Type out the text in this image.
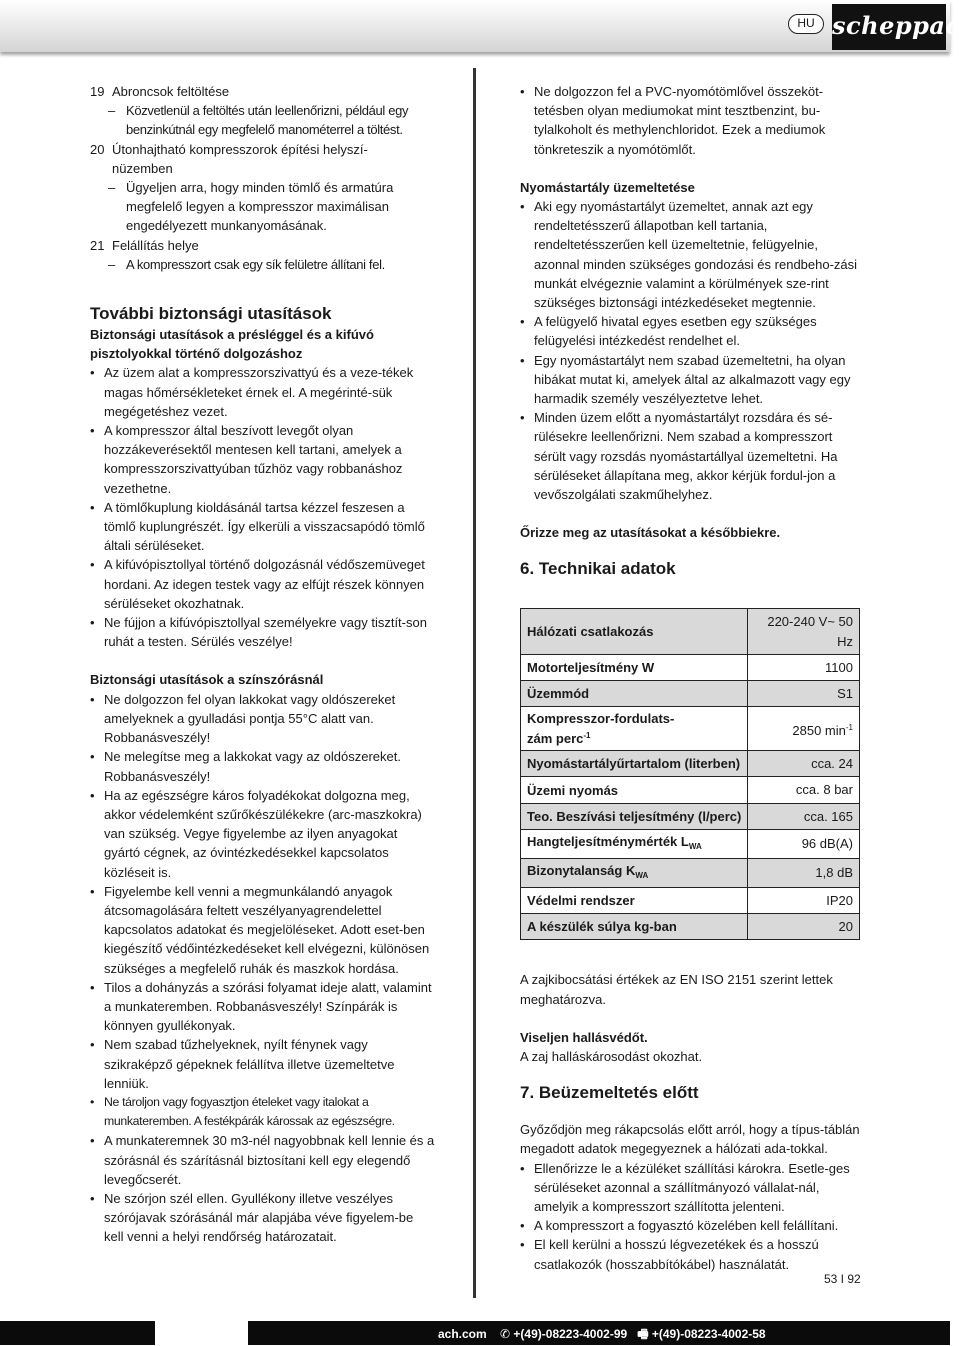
HU scheppach
19 Abroncsok feltöltése
– Közvetlenül a feltöltés után leellenőrizni, például egy benzinkútnál egy megfelelő manométerrel a töltést.
20 Útonhajtható kompresszorok építési helyszí-
nüzemben
– Ügyeljen arra, hogy minden tömlő és armatúra megfelelő legyen a kompresszor maximálisan engedélyezett munkanyomásának.
21 Felállítás helye
– A kompresszort csak egy sík felületre állítani fel.
További biztonsági utasítások
Biztonsági utasítások a présléggel és a kifúvó pisztolyokkal történő dolgozáshoz
• Az üzem alat a kompresszorszivattyú és a veze-tékek magas hőmérsékleteket érnek el. A megérinté-sük megégetéshez vezet.
• A kompresszor által beszívott levegőt olyan hozzákeverésektől mentesen kell tartani, amelyek a kompresszorszivattyúban tűzhöz vagy robbanáshoz vezethetne.
• A tömlőkuplung kioldásánál tartsa kézzel feszesen a tömlő kuplungrészét. Így elkerüli a visszacsapódó tömlő általi sérüléseket.
• A kifúvópisztollyal történő dolgozásnál védőszemüveget hordani. Az idegen testek vagy az elfújt részek könnyen sérüléseket okozhatnak.
• Ne fújjon a kifúvópisztollyal személyekre vagy tisztít-son ruhát a testen. Sérülés veszélye!
Biztonsági utasítások a színszórásnál
• Ne dolgozzon fel olyan lakkokat vagy oldószereket amelyeknek a gyulladási pontja 55°C alatt van. Robbanásveszély!
• Ne melegítse meg a lakkokat vagy az oldószereket. Robbanásveszély!
• Ha az egészségre káros folyadékokat dolgozna meg, akkor védelemként szűrőkészülékekre (arc-maszkokra) van szükség. Vegye figyelembe az ilyen anyagokat gyártó cégnek, az óvintézkedésekkel kapcsolatos közléseit is.
• Figyelembe kell venni a megmunkálandó anyagok átcsomagolására feltett veszélyanyagrendelettel kapcsolatos adatokat és megjelöléseket. Adott eset-ben kiegészítő védőintézkedéseket kell elvégezni, különösen szükséges a megfelelő ruhák és maszkok hordása.
• Tilos a dohányzás a szórási folyamat ideje alatt, valamint a munkateremben. Robbanásveszély! Színpárák is könnyen gyullékonyak.
• Nem szabad tűzhelyeknek, nyílt fénynek vagy szikraképző gépeknek felállítva illetve üzemeltetve lenniük.
• Ne tároljon vagy fogyasztjon ételeket vagy italokat a munkateremben. A festékpárák károssak az egészségre.
• A munkateremnek 30 m3-nél nagyobbnak kell lennie és a szórásnál és szárításnál biztosítani kell egy elegendő levegőcserét.
• Ne szórjon szél ellen. Gyullékony illetve veszélyes szórójavak szórásánál már alapjába véve figyelem-be kell venni a helyi rendőrség határozatait.
• Ne dolgozzon fel a PVC-nyomótömlővel összeköt-tetésben olyan mediumokat mint tesztbenzint, bu-tylalkoholt és methylenchloridot. Ezek a mediumok tönkreteszik a nyomótömlőt.
Nyomástartály üzemeltetése
• Aki egy nyomástartályt üzemeltet, annak azt egy rendeltetésszerű állapotban kell tartania, rendeltetésszerűen kell üzemeltetnie, felügyelnie, azonnal minden szükséges gondozási és rendbeho-zási munkát elvégeznie valamint a körülmények sze-rint szükséges biztonsági intézkedéseket megtennie.
• A felügyelő hivatal egyes esetben egy szükséges felügyelési intézkedést rendelhet el.
• Egy nyomástartályt nem szabad üzemeltetni, ha olyan hibákat mutat ki, amelyek által az alkalmazott vagy egy harmadik személy veszélyeztetve lehet.
• Minden üzem előtt a nyomástartályt rozsdára és sé-rülésekre leellenőrizni. Nem szabad a kompresszort sérült vagy rozsdás nyomástartállyal üzemeltetni. Ha sérüléseket állapítana meg, akkor kérjük fordul-jon a vevőszolgálati szakműhelyhez.
Őrizze meg az utasításokat a későbbiekre.
6. Technikai adatok
Hálózati csatlakozás	220-240 V~ 50 Hz
Motorteljesítmény W	1100
Üzemmód	S1
Kompresszor-fordulats-
zám perc$^{-1}$	2850 $\min^{-1}$
Nyomástartályűrtartalom (literben)	cca. 24
Üzemi nyomás	cca. 8 bar
Teo. Beszívási teljesítmény (l/perc)	cca. 165
Hangteljesítménymérték $L_{WA}$	96 dB(A)
Bizonytalanság $K_{WA}$	1,8 dB
Védelmi rendszer	IP20
A készülék súlya kg-ban	20
A zajkibocsátási értékek az EN ISO 2151 szerint lettek meghatározva.
Viseljen hallásvédőt.
A zaj halláskárosodást okozhat.
7. Beüzemeltetés előtt
Győződjön meg rákapcsolás előtt arról, hogy a típus-táblán megadott adatok megegyeznek a hálózati ada-tokkal.
• Ellenőrizze le a kézüléket szállítási károkra. Esetle-ges sérüléseket azonnal a szállítmányozó vállalat-nál, amelyik a kompresszort szállította jelenteni.
• A kompresszort a fogyasztó közelében kell felállítani.
• El kell kerülni a hosszú légvezetékek és a hosszú csatlakozók (hosszabbítókábel) használatát.
53 I 92
ach.com ✆ +(49)-08223-4002-99 🖷 +(49)-08223-4002-58
